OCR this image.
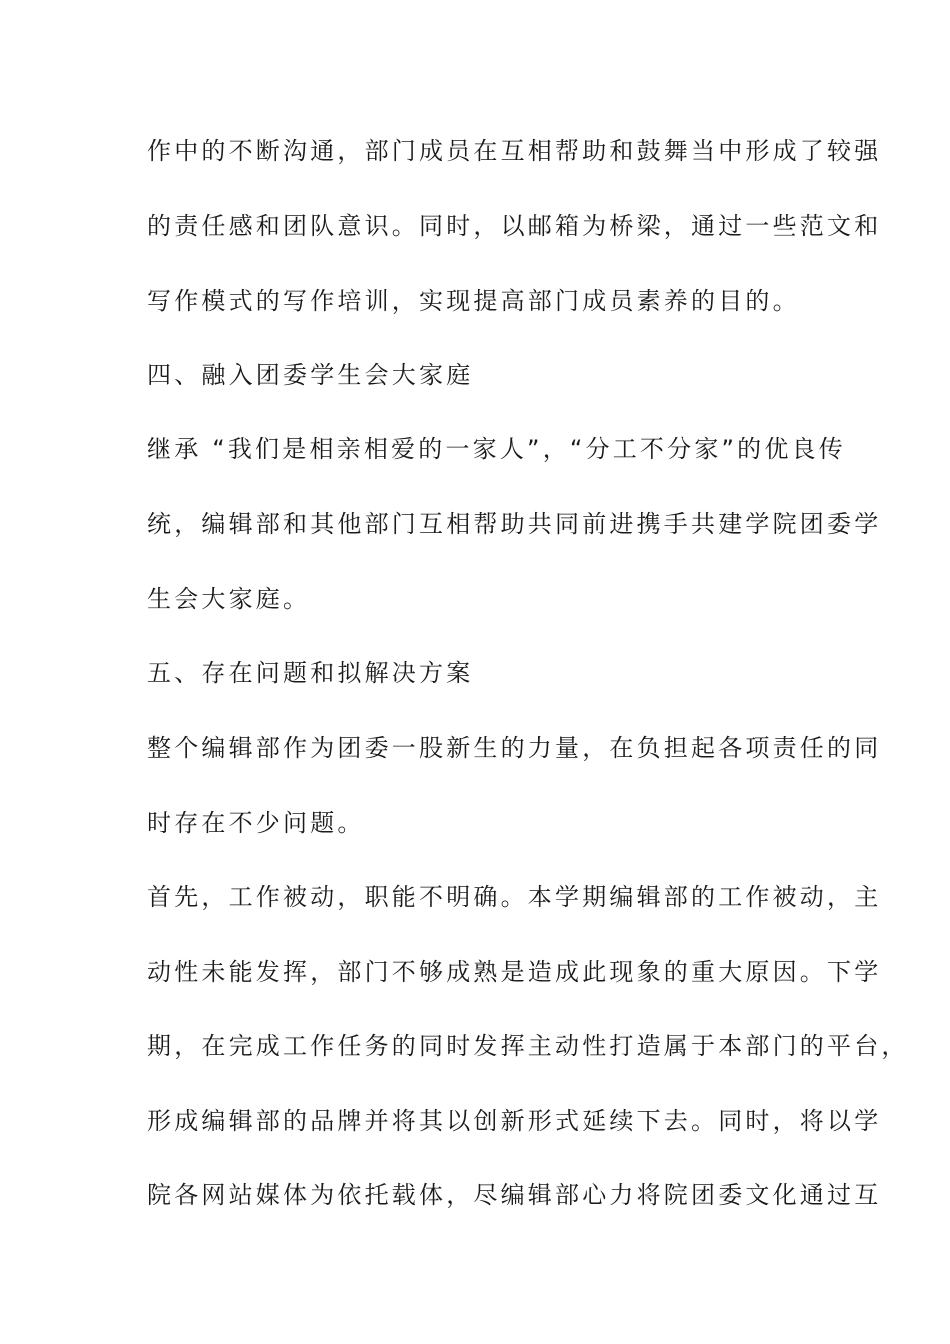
作中的不断沟通，部门成员在互相帮助和鼓舞当中形成了较强
的责任感和团队意识。同时，以邮箱为桥梁，通过一些范文和
写作模式的写作培训，实现提高部门成员素养的目的。
四、融入团委学生会大家庭
继承 “我们是相亲相爱的一家人”，“分工不分家”的优良传
统，编辑部和其他部门互相帮助共同前进携手共建学院团委学
生会大家庭。
五、存在问题和拟解决方案
整个编辑部作为团委一股新生的力量，在负担起各项责任的同
时存在不少问题。
首先，工作被动，职能不明确。本学期编辑部的工作被动，主
动性未能发挥，部门不够成熟是造成此现象的重大原因。下学
期，在完成工作任务的同时发挥主动性打造属于本部门的平台，
形成编辑部的品牌并将其以创新形式延续下去。同时，将以学
院各网站媒体为依托载体，尽编辑部心力将院团委文化通过互
